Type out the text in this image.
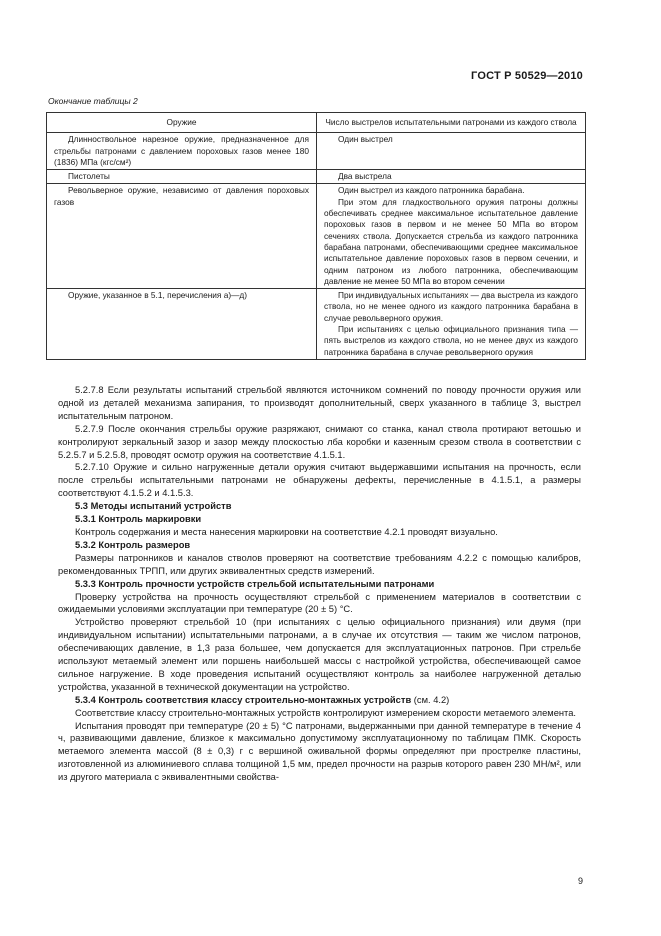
ГОСТ Р 50529—2010
Окончание таблицы 2
Оружие	Число выстрелов испытательными патронами из каждого ствола

Длинноствольное нарезное оружие, предназначенное для стрельбы патронами с давлением пороховых газов менее 180 (1836) МПа (кгс/см²)	Один выстрел

Пистолеты	Два выстрела

Револьверное оружие, независимо от давления пороховых газов	Один выстрел из каждого патронника барабана.

При этом для гладкоствольного оружия патроны должны обеспечивать среднее максимальное испытательное давление пороховых газов в первом и не менее 50 МПа во втором сечениях ствола. Допускается стрельба из каждого патронника барабана патронами, обеспечивающими среднее максимальное испытательное давление пороховых газов в первом сечении, и одним патроном из любого патронника, обеспечивающим давление не менее 50 МПа во втором сечении

Оружие, указанное в 5.1, перечисления а)—д)	При индивидуальных испытаниях — два выстрела из каждого ствола, но не менее одного из каждого патронника барабана в случае револьверного оружия.

При испытаниях с целью официального признания типа — пять выстрелов из каждого ствола, но не менее двух из каждого патронника барабана в случае револьверного оружия

5.2.7.8 Если результаты испытаний стрельбой являются источником сомнений по поводу прочности оружия или одной из деталей механизма запирания, то производят дополнительный, сверх указанного в таблице 3, выстрел испытательным патроном.

5.2.7.9 После окончания стрельбы оружие разряжают, снимают со станка, канал ствола протирают ветошью и контролируют зеркальный зазор и зазор между плоскостью лба коробки и казенным срезом ствола в соответствии с 5.2.5.7 и 5.2.5.8, проводят осмотр оружия на соответствие 4.1.5.1.

5.2.7.10 Оружие и сильно нагруженные детали оружия считают выдержавшими испытания на прочность, если после стрельбы испытательными патронами не обнаружены дефекты, перечисленные в 4.1.5.1, а размеры соответствуют 4.1.5.2 и 4.1.5.3.

5.3 Методы испытаний устройств

5.3.1 Контроль маркировки

Контроль содержания и места нанесения маркировки на соответствие 4.2.1 проводят визуально.

5.3.2 Контроль размеров

Размеры патронников и каналов стволов проверяют на соответствие требованиям 4.2.2 с помощью калибров, рекомендованных ТРПП, или других эквивалентных средств измерений.

5.3.3 Контроль прочности устройств стрельбой испытательными патронами

Проверку устройства на прочность осуществляют стрельбой с применением материалов в соответствии с ожидаемыми условиями эксплуатации при температуре (20 ± 5) °С.

Устройство проверяют стрельбой 10 (при испытаниях с целью официального признания) или двумя (при индивидуальном испытании) испытательными патронами, а в случае их отсутствия — таким же числом патронов, обеспечивающих давление, в 1,3 раза большее, чем допускается для эксплуатационных патронов. При стрельбе используют метаемый элемент или поршень наибольшей массы с настройкой устройства, обеспечивающей самое сильное нагружение. В ходе проведения испытаний осуществляют контроль за наиболее нагруженной деталью устройства, указанной в технической документации на устройство.

5.3.4 Контроль соответствия классу строительно-монтажных устройств (см. 4.2)

Соответствие классу строительно-монтажных устройств контролируют измерением скорости метаемого элемента.

Испытания проводят при температуре (20 ± 5) °С патронами, выдержанными при данной температуре в течение 4 ч, развивающими давление, близкое к максимально допустимому эксплуатационному по таблицам ПМК. Скорость метаемого элемента массой (8 ± 0,3) г с вершиной оживальной формы определяют при прострелке пластины, изготовленной из алюминиевого сплава толщиной 1,5 мм, предел прочности на разрыв которого равен 230 МН/м², или из другого материала с эквивалентными свойства-

9
